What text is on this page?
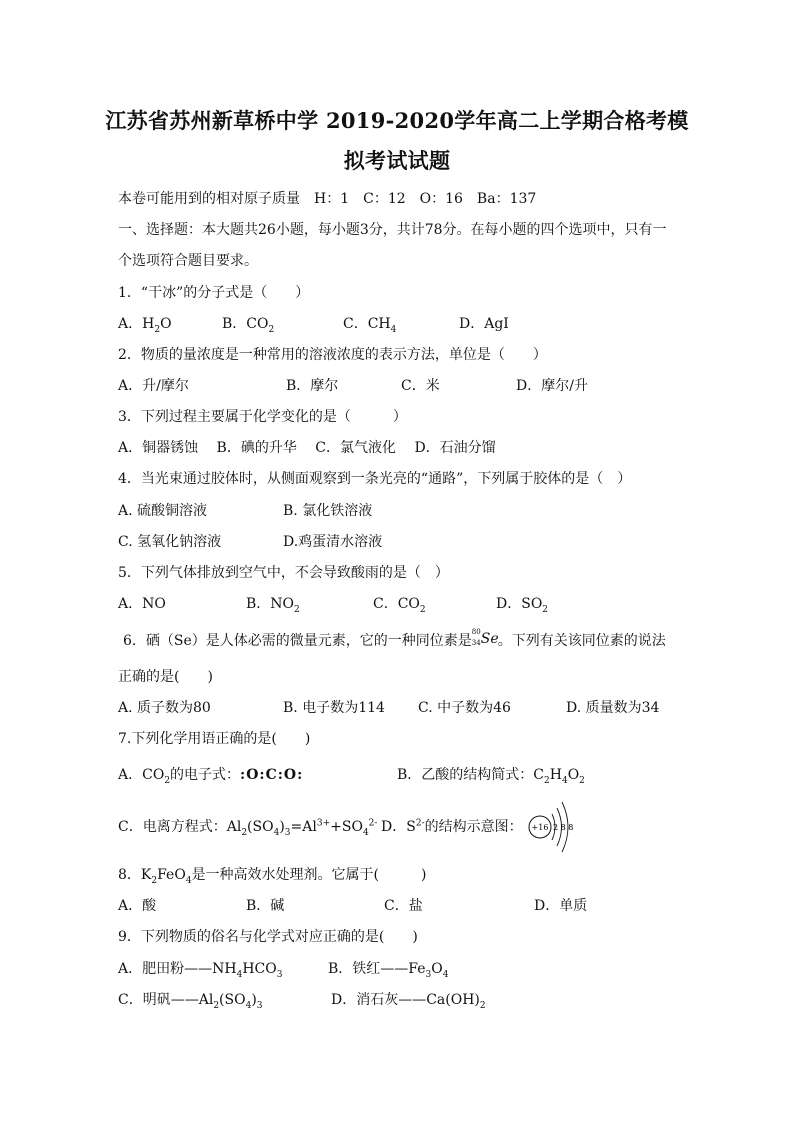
江苏省苏州新草桥中学 2019-2020学年高二上学期合格考模
拟考试试题
本卷可能用到的相对原子质量　H：1　C：12　O：16　Ba：137
一、选择题：本大题共26小题，每小题3分，共计78分。在每小题的四个选项中，只有一
个选项符合题目要求。
1．“干冰”的分子式是（　　）
A．$H_2O$	B．$CO_2$	C．$CH_4$	D．AgI
2．物质的量浓度是一种常用的溶液浓度的表示方法，单位是（　　）
A．升/摩尔	B．摩尔	C．米	D．摩尔/升
3．下列过程主要属于化学变化的是（　　　）
A．铜器锈蚀　 B．碘的升华　 C．氯气液化　 D．石油分馏
4．当光束通过胶体时，从侧面观察到一条光亮的“通路”，下列属于胶体的是（　）
A. 硫酸铜溶液	B. 氯化铁溶液
C. 氢氧化钠溶液	D.鸡蛋清水溶液
5．下列气体排放到空气中，不会导致酸雨的是（　）
A．NO	B．$NO_2$	C．$CO_2$	D．$SO_2$
6．硒（Se）是人体必需的微量元素，它的一种同位素是
80
34 Se 。下列有关该同位素的说法
正确的是(　　)
A. 质子数为80	B. 电子数为114 C. 中子数为46	D. 质量数为34
7.下列化学用语正确的是(　　)
A．$CO_2$的电子式：:O:C:O:	B．乙酸的结构简式：$C_2H_4O_2$
C．电离方程式：$Al_2(SO_4)_3=Al^{3+}+SO_4^{2-}$ D．$S^{2-}$的结构示意图： +16 2 8 8
8．$K_2FeO_4$是一种高效水处理剂。它属于(　　　)
A．酸	B．碱	C．盐	D．单质
9．下列物质的俗名与化学式对应正确的是(　　)
A．肥田粉$——NH_4HCO_3$	B．铁红$——Fe_3O_4$
C．明矾$——Al_2(SO_4)_3$	D．消石灰$——Ca(OH)_2$
